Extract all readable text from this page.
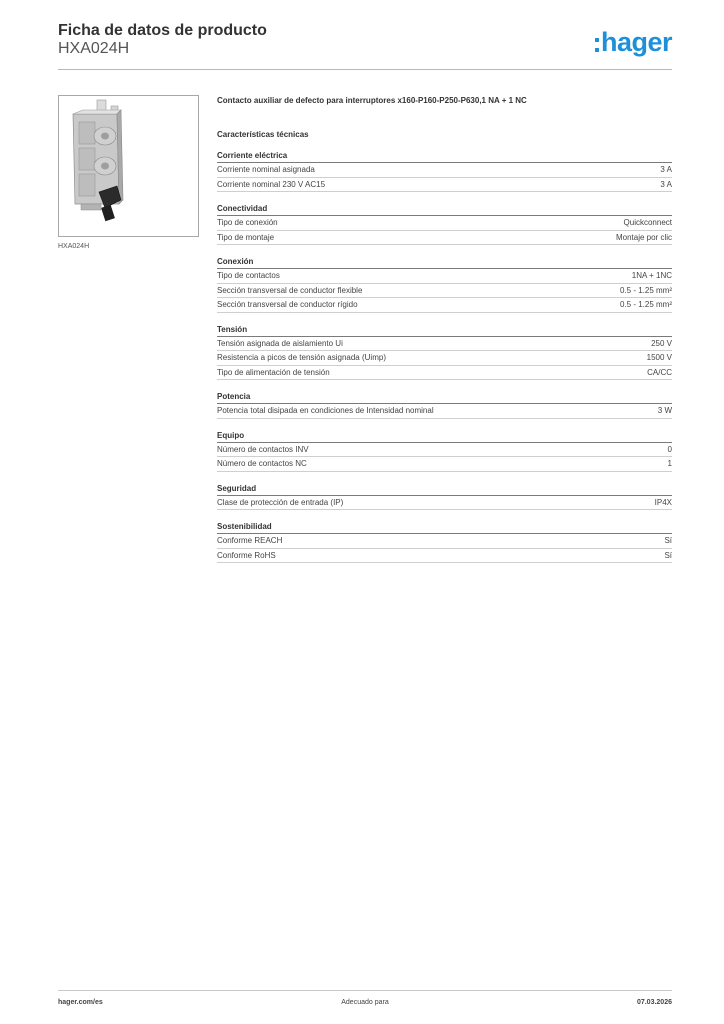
Ficha de datos de producto
HXA024H	hager
HXA024H
Contacto auxiliar de defecto para interruptores x160-P160-P250-P630,1 NA + 1 NC
Características técnicas
Corriente eléctrica
Corriente nominal asignada	3 A
Corriente nominal 230 V AC15	3 A
Conectividad
Tipo de conexión	Quickconnect
Tipo de montaje	Montaje por clic
Conexión
Tipo de contactos	1NA + 1NC
Sección transversal de conductor flexible	0.5 - 1.25 mm²
Sección transversal de conductor rígido	0.5 - 1.25 mm²
Tensión
Tensión asignada de aislamiento Ui	250 V
Resistencia a picos de tensión asignada (Uimp)	1500 V
Tipo de alimentación de tensión	CA/CC
Potencia
Potencia total disipada en condiciones de Intensidad nominal	3 W
Equipo
Número de contactos INV	0
Número de contactos NC	1
Seguridad
Clase de protección de entrada (IP)	IP4X
Sostenibilidad
Conforme REACH	Sí
Conforme RoHS	Sí
hager.com/es	Adecuado para	07.03.2026
